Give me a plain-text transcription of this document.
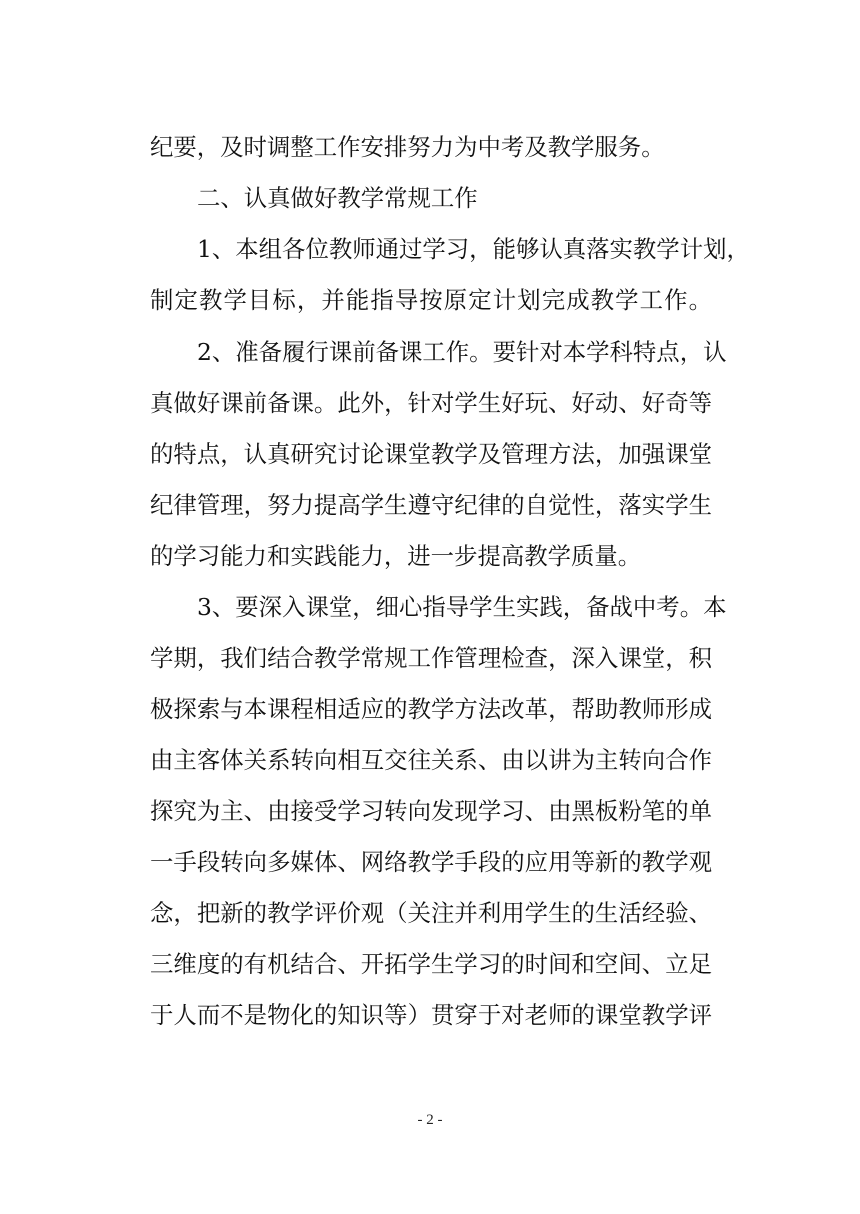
纪要，及时调整工作安排努力为中考及教学服务。
二、认真做好教学常规工作
1、本组各位教师通过学习，能够认真落实教学计划，
制定教学目标，并能指导按原定计划完成教学工作。
2、准备履行课前备课工作。要针对本学科特点，认
真做好课前备课。此外，针对学生好玩、好动、好奇等
的特点，认真研究讨论课堂教学及管理方法，加强课堂
纪律管理，努力提高学生遵守纪律的自觉性，落实学生
的学习能力和实践能力，进一步提高教学质量。
3、要深入课堂，细心指导学生实践，备战中考。本
学期，我们结合教学常规工作管理检查，深入课堂，积
极探索与本课程相适应的教学方法改革，帮助教师形成
由主客体关系转向相互交往关系、由以讲为主转向合作
探究为主、由接受学习转向发现学习、由黑板粉笔的单
一手段转向多媒体、网络教学手段的应用等新的教学观
念，把新的教学评价观（关注并利用学生的生活经验、
三维度的有机结合、开拓学生学习的时间和空间、立足
于人而不是物化的知识等）贯穿于对老师的课堂教学评
- 2 -
